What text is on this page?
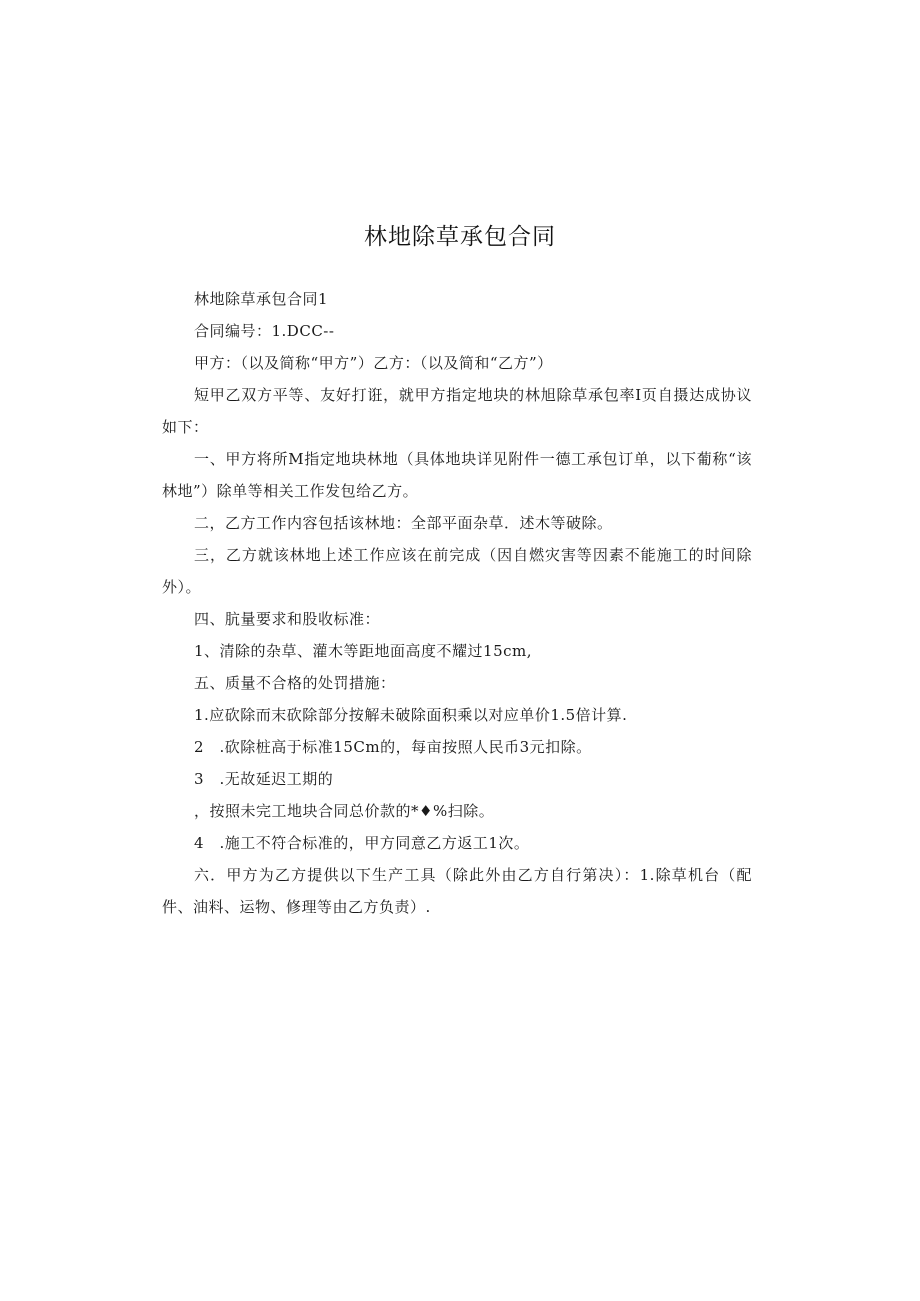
林地除草承包合同

林地除草承包合同1

合同编号：1.DCC--

甲方：（以及简称“甲方”）乙方：（以及简和“乙方”）

短甲乙双方平等、友好打诳，就甲方指定地块的林旭除草承包率I页自摄达成协议如下：

一、甲方将所M指定地块林地（具体地块详见附件一德工承包订单，以下葡称“该林地”）除单等相关工作发包给乙方。

二，乙方工作内容包括该林地：全部平面杂草．述木等破除。

三，乙方就该林地上述工作应该在前完成（因自燃灾害等因素不能施工的时间除外）。

四、肮量要求和股收标准：

1、清除的杂草、灌木等距地面高度不耀过15cm,

五、质量不合格的处罚措施：

1.应砍除而末砍除部分按解未破除面积乘以对应单价1.5倍计算.

2　.砍除桩高于标准15Cm的，每亩按照人民币3元扣除。

3　.无故延迟工期的

，按照未完工地块合同总价款的*♦%扫除。

4　.施工不符合标准的，甲方同意乙方返工1次。

六．甲方为乙方提供以下生产工具（除此外由乙方自行第决）：1.除草机台（配件、油料、运物、修理等由乙方负责）.
